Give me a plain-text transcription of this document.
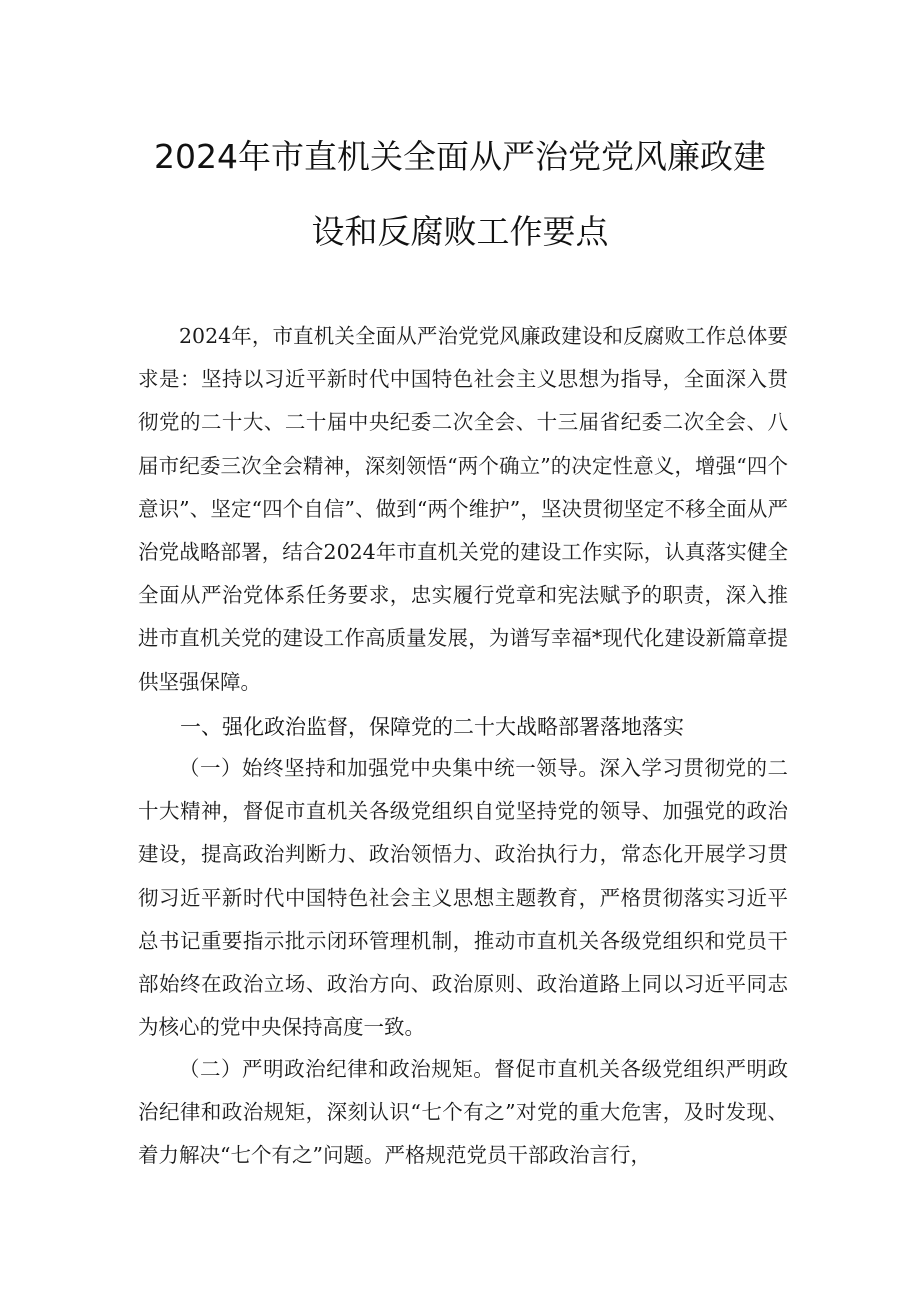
2024年市直机关全面从严治党党风廉政建
设和反腐败工作要点

2024年，市直机关全面从严治党党风廉政建设和反腐败工作总体要求是：坚持以习近平新时代中国特色社会主义思想为指导，全面深入贯彻党的二十大、二十届中央纪委二次全会、十三届省纪委二次全会、八届市纪委三次全会精神，深刻领悟“两个确立”的决定性意义，增强“四个意识”、坚定“四个自信”、做到“两个维护”，坚决贯彻坚定不移全面从严治党战略部署，结合2024年市直机关党的建设工作实际，认真落实健全全面从严治党体系任务要求，忠实履行党章和宪法赋予的职责，深入推进市直机关党的建设工作高质量发展，为谱写幸福*现代化建设新篇章提供坚强保障。

一、强化政治监督，保障党的二十大战略部署落地落实

（一）始终坚持和加强党中央集中统一领导。深入学习贯彻党的二十大精神，督促市直机关各级党组织自觉坚持党的领导、加强党的政治建设，提高政治判断力、政治领悟力、政治执行力，常态化开展学习贯彻习近平新时代中国特色社会主义思想主题教育，严格贯彻落实习近平总书记重要指示批示闭环管理机制，推动市直机关各级党组织和党员干部始终在政治立场、政治方向、政治原则、政治道路上同以习近平同志为核心的党中央保持高度一致。

（二）严明政治纪律和政治规矩。督促市直机关各级党组织严明政治纪律和政治规矩，深刻认识“七个有之”对党的重大危害，及时发现、着力解决“七个有之”问题。严格规范党员干部政治言行，
